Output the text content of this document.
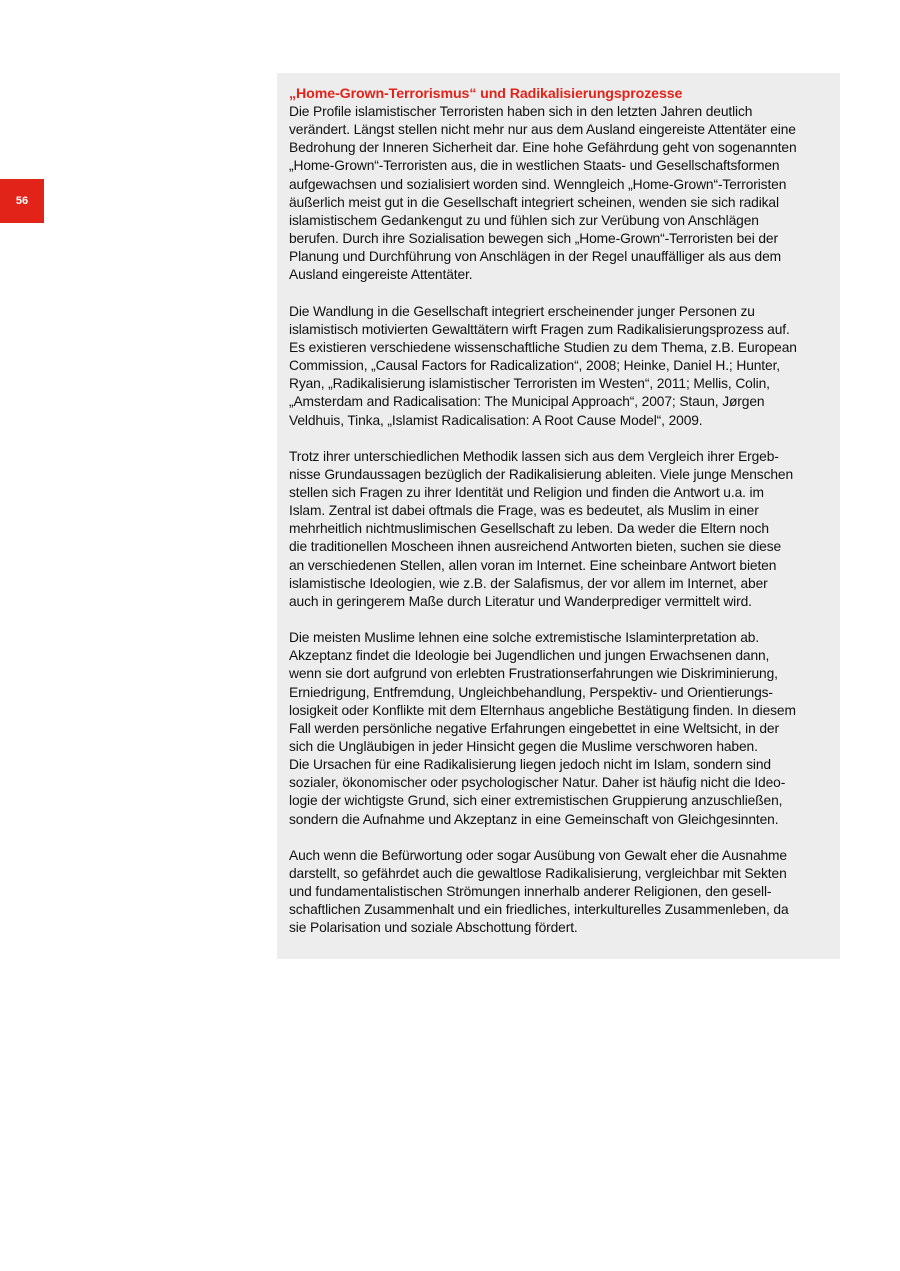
56
„Home-Grown-Terrorismus“ und Radikalisierungsprozesse

Die Profile islamistischer Terroristen haben sich in den letzten Jahren deutlich
verändert. Längst stellen nicht mehr nur aus dem Ausland eingereiste Attentäter eine
Bedrohung der Inneren Sicherheit dar. Eine hohe Gefährdung geht von sogenannten
„Home-Grown“-Terroristen aus, die in westlichen Staats- und Gesellschaftsformen
aufgewachsen und sozialisiert worden sind. Wenngleich „Home-Grown“-Terroristen
äußerlich meist gut in die Gesellschaft integriert scheinen, wenden sie sich radikal
islamistischem Gedankengut zu und fühlen sich zur Verübung von Anschlägen
berufen. Durch ihre Sozialisation bewegen sich „Home-Grown“-Terroristen bei der
Planung und Durchführung von Anschlägen in der Regel unauffälliger als aus dem
Ausland eingereiste Attentäter.

Die Wandlung in die Gesellschaft integriert erscheinender junger Personen zu
islamistisch motivierten Gewalttätern wirft Fragen zum Radikalisierungsprozess auf.
Es existieren verschiedene wissenschaftliche Studien zu dem Thema, z.B. European
Commission, „Causal Factors for Radicalization“, 2008; Heinke, Daniel H.; Hunter,
Ryan, „Radikalisierung islamistischer Terroristen im Westen“, 2011; Mellis, Colin,
„Amsterdam and Radicalisation: The Municipal Approach“, 2007; Staun, Jørgen
Veldhuis, Tinka, „Islamist Radicalisation: A Root Cause Model“, 2009.

Trotz ihrer unterschiedlichen Methodik lassen sich aus dem Vergleich ihrer Ergeb-
nisse Grundaussagen bezüglich der Radikalisierung ableiten. Viele junge Menschen
stellen sich Fragen zu ihrer Identität und Religion und finden die Antwort u.a. im
Islam. Zentral ist dabei oftmals die Frage, was es bedeutet, als Muslim in einer
mehrheitlich nichtmuslimischen Gesellschaft zu leben. Da weder die Eltern noch
die traditionellen Moscheen ihnen ausreichend Antworten bieten, suchen sie diese
an verschiedenen Stellen, allen voran im Internet. Eine scheinbare Antwort bieten
islamistische Ideologien, wie z.B. der Salafismus, der vor allem im Internet, aber
auch in geringerem Maße durch Literatur und Wanderprediger vermittelt wird.

Die meisten Muslime lehnen eine solche extremistische Islaminterpretation ab.
Akzeptanz findet die Ideologie bei Jugendlichen und jungen Erwachsenen dann,
wenn sie dort aufgrund von erlebten Frustrationserfahrungen wie Diskriminierung,
Erniedrigung, Entfremdung, Ungleichbehandlung, Perspektiv- und Orientierungs-
losigkeit oder Konflikte mit dem Elternhaus angebliche Bestätigung finden. In diesem
Fall werden persönliche negative Erfahrungen eingebettet in eine Weltsicht, in der
sich die Ungläubigen in jeder Hinsicht gegen die Muslime verschworen haben.
Die Ursachen für eine Radikalisierung liegen jedoch nicht im Islam, sondern sind
sozialer, ökonomischer oder psychologischer Natur. Daher ist häufig nicht die Ideo-
logie der wichtigste Grund, sich einer extremistischen Gruppierung anzuschließen,
sondern die Aufnahme und Akzeptanz in eine Gemeinschaft von Gleichgesinnten.

Auch wenn die Befürwortung oder sogar Ausübung von Gewalt eher die Ausnahme
darstellt, so gefährdet auch die gewaltlose Radikalisierung, vergleichbar mit Sekten
und fundamentalistischen Strömungen innerhalb anderer Religionen, den gesell-
schaftlichen Zusammenhalt und ein friedliches, interkulturelles Zusammenleben, da
sie Polarisation und soziale Abschottung fördert.
